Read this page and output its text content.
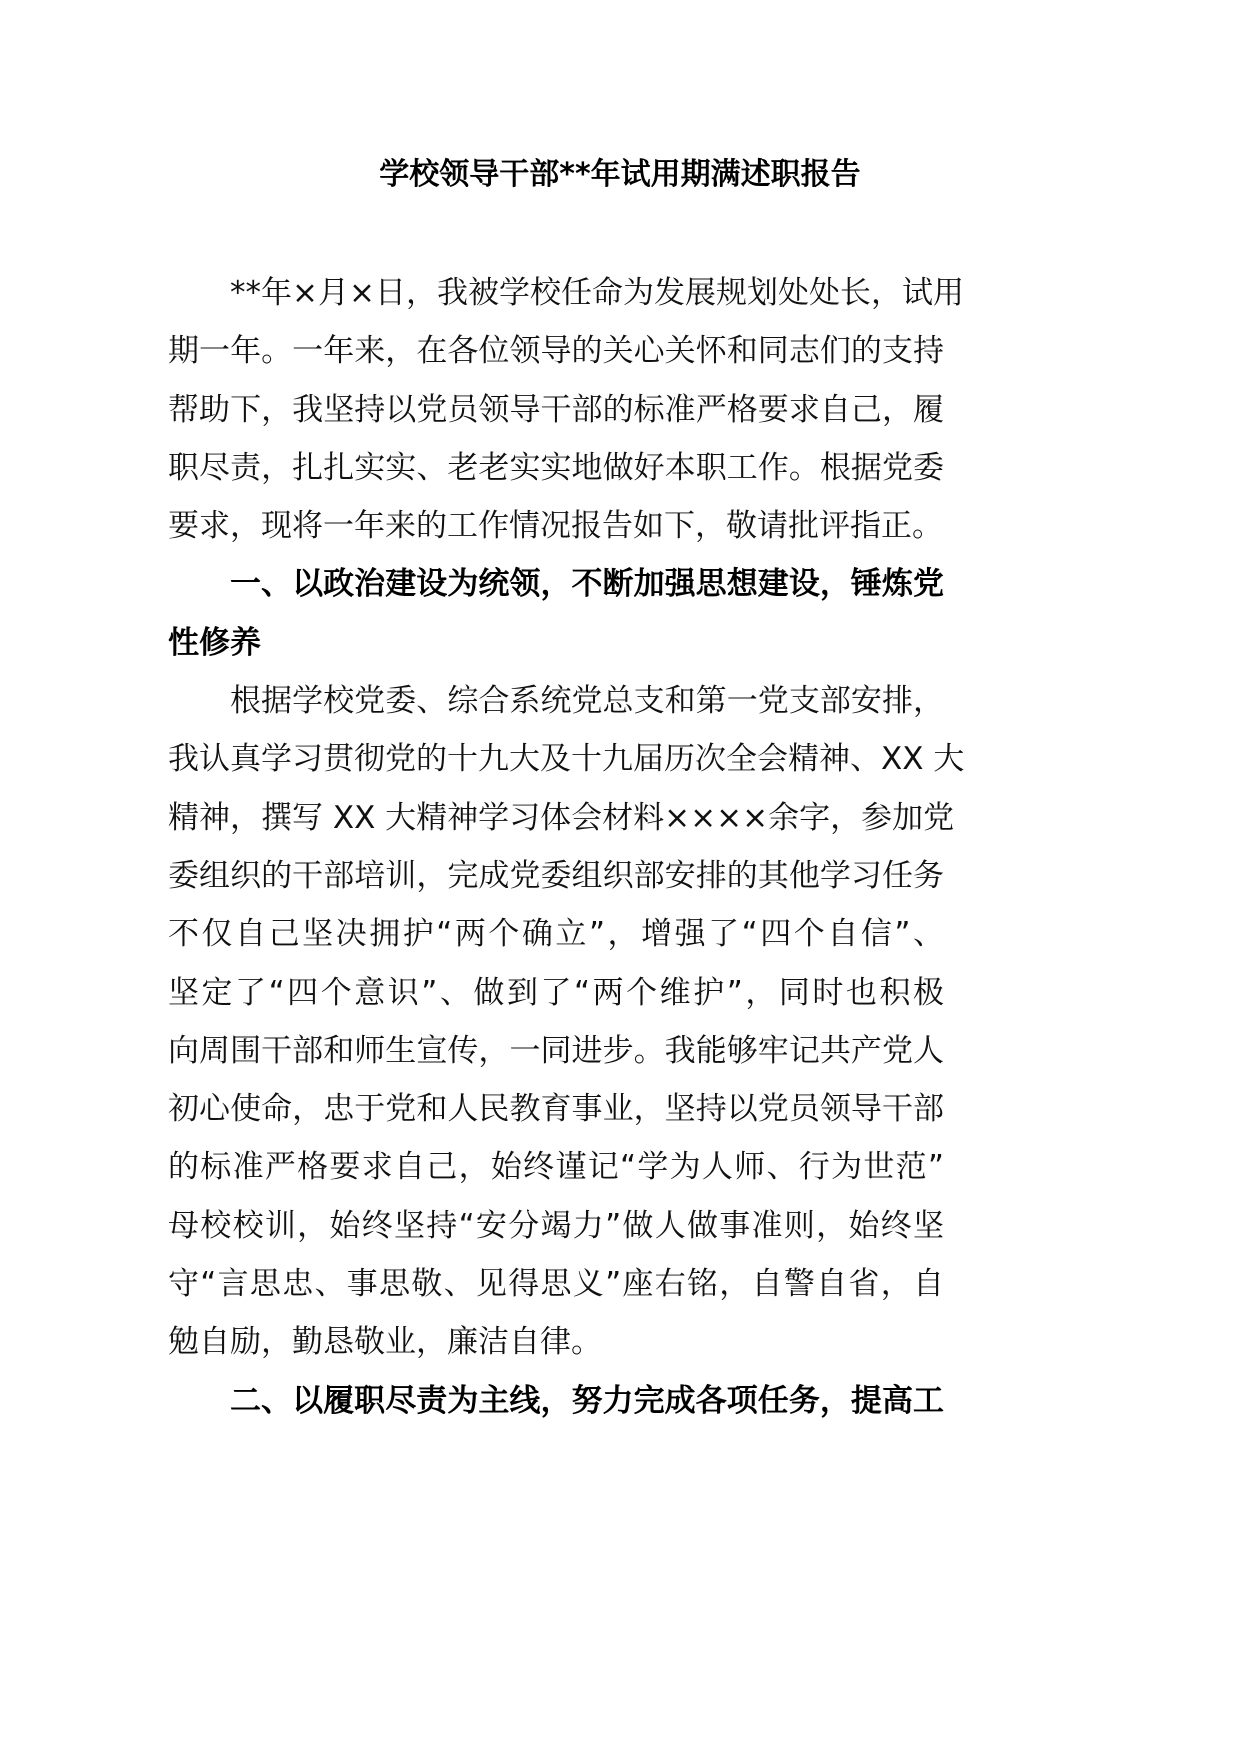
学校领导干部**年试用期满述职报告
**年×月×日，我被学校任命为发展规划处处长，试用
期一年。一年来，在各位领导的关心关怀和同志们的支持
帮助下，我坚持以党员领导干部的标准严格要求自己，履
职尽责，扎扎实实、老老实实地做好本职工作。根据党委
要求，现将一年来的工作情况报告如下，敬请批评指正。
一、以政治建设为统领，不断加强思想建设，锤炼党
性修养
根据学校党委、综合系统党总支和第一党支部安排，
我认真学习贯彻党的十九大及十九届历次全会精神、XX 大
精神，撰写 XX 大精神学习体会材料××××余字，参加党
委组织的干部培训，完成党委组织部安排的其他学习任务
不仅自己坚决拥护“两个确立”，增强了“四个自信”、
坚定了“四个意识”、做到了“两个维护”，同时也积极
向周围干部和师生宣传，一同进步。我能够牢记共产党人
初心使命，忠于党和人民教育事业，坚持以党员领导干部
的标准严格要求自己，始终谨记“学为人师、行为世范”
母校校训，始终坚持“安分竭力”做人做事准则，始终坚
守“言思忠、事思敬、见得思义”座右铭，自警自省，自
勉自励，勤恳敬业，廉洁自律。
二、以履职尽责为主线，努力完成各项任务，提高工
